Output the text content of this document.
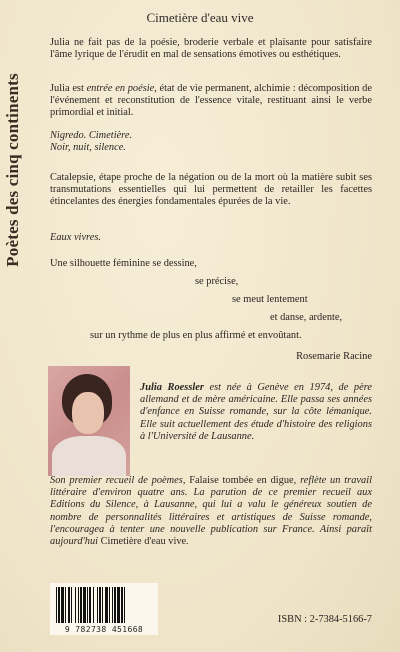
Poètes des cinq continents
Cimetière d'eau vive
Julia ne fait pas de la poésie, broderie verbale et plaisante pour satisfaire l'âme lyrique de l'érudit en mal de sensations émotives ou esthétiques.
Julia est entrée en poésie, état de vie permanent, alchimie : décomposition de l'événement et reconstitution de l'essence vitale, restituant ainsi le verbe primordial et initial.
Nigredo. Cimetière.
Noir, nuit, silence.
Catalepsie, étape proche de la négation ou de la mort où la matière subit ses transmutations essentielles qui lui permettent de retailler les facettes étincelantes des énergies fondamentales épurées de la vie.
Eaux vivres.
Une silhouette féminine se dessine,
se précise,
se meut lentement
et danse, ardente,
sur un rythme de plus en plus affirmé et envoûtant.
Rosemarie Racine
Julia Roessler est née à Genève en 1974, de père allemand et de mère américaine. Elle passa ses années d'enfance en Suisse romande, sur la côte lémanique. Elle suit actuellement des étude d'histoire des religions à l'Université de Lausanne.
Son premier recueil de poèmes, Falaise tombée en digue, reflète un travail littéraire d'environ quatre ans. La parution de ce premier recueil aux Editions du Silence, à Lausanne, qui lui a valu le généreux soutien de nombre de personnalités littéraires et artistiques de Suisse romande, l'encouragea à tenter une nouvelle publication sur France. Ainsi paraît aujourd'hui Cimetière d'eau vive.
9 782738 451668
ISBN : 2-7384-5166-7
